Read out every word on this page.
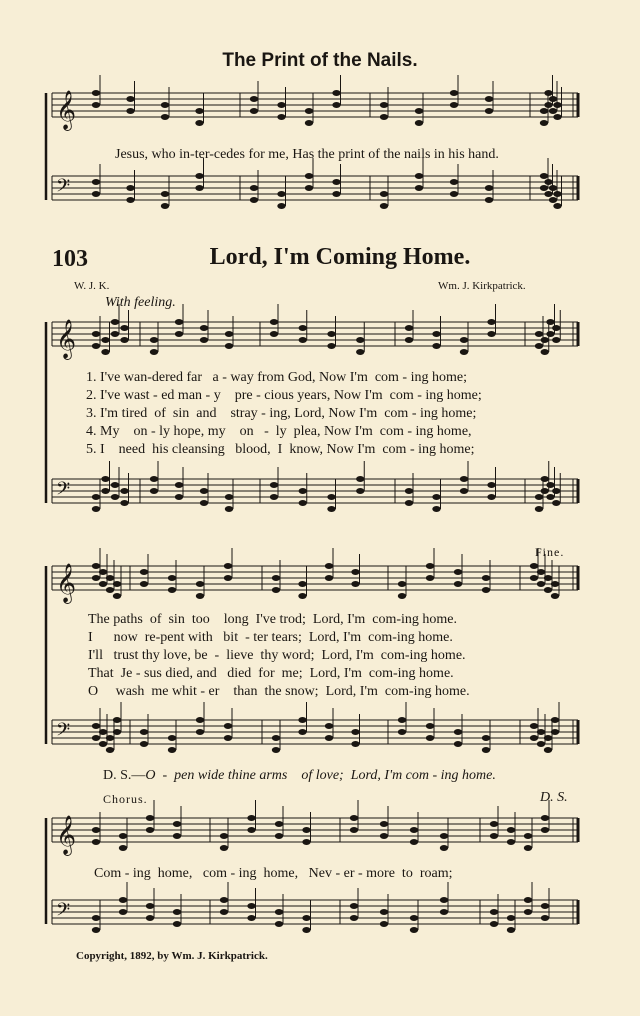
𝄞
𝄢
𝄞
𝄢
𝄞
𝄢
𝄞
𝄢
The Print of the Nails.
Jesus, who in-ter-cedes for me, Has the print of the nails in his hand.
103	Lord, I'm Coming Home.
W. J. K.	Wm. J. Kirkpatrick.
With feeling.
1. I've wan-dered far   a - way from God, Now I'm  com - ing home;
2. I've wast - ed man - y    pre - cious years, Now I'm  com - ing home;
3. I'm tired  of  sin  and    stray - ing, Lord, Now I'm  com - ing home;
4. My    on - ly hope, my    on   -  ly  plea, Now I'm  com - ing home,
5. I    need  his cleansing   blood,  I  know, Now I'm  com - ing home;
Fine.
The paths  of  sin  too    long  I've trod;  Lord, I'm  com-ing home.
I      now  re-pent with   bit  - ter tears;  Lord, I'm  com-ing home.
I'll   trust thy love, be  -  lieve  thy word;  Lord, I'm  com-ing home.
That  Je - sus died, and   died  for  me;  Lord, I'm  com-ing home.
O     wash  me whit - er    than  the snow;  Lord, I'm  com-ing home.
D. S.—O  -  pen wide thine arms    of love;  Lord, I'm com - ing home.
Chorus.	D. S.
Com - ing  home,   com - ing  home,   Nev - er - more  to  roam;
Copyright, 1892, by Wm. J. Kirkpatrick.
